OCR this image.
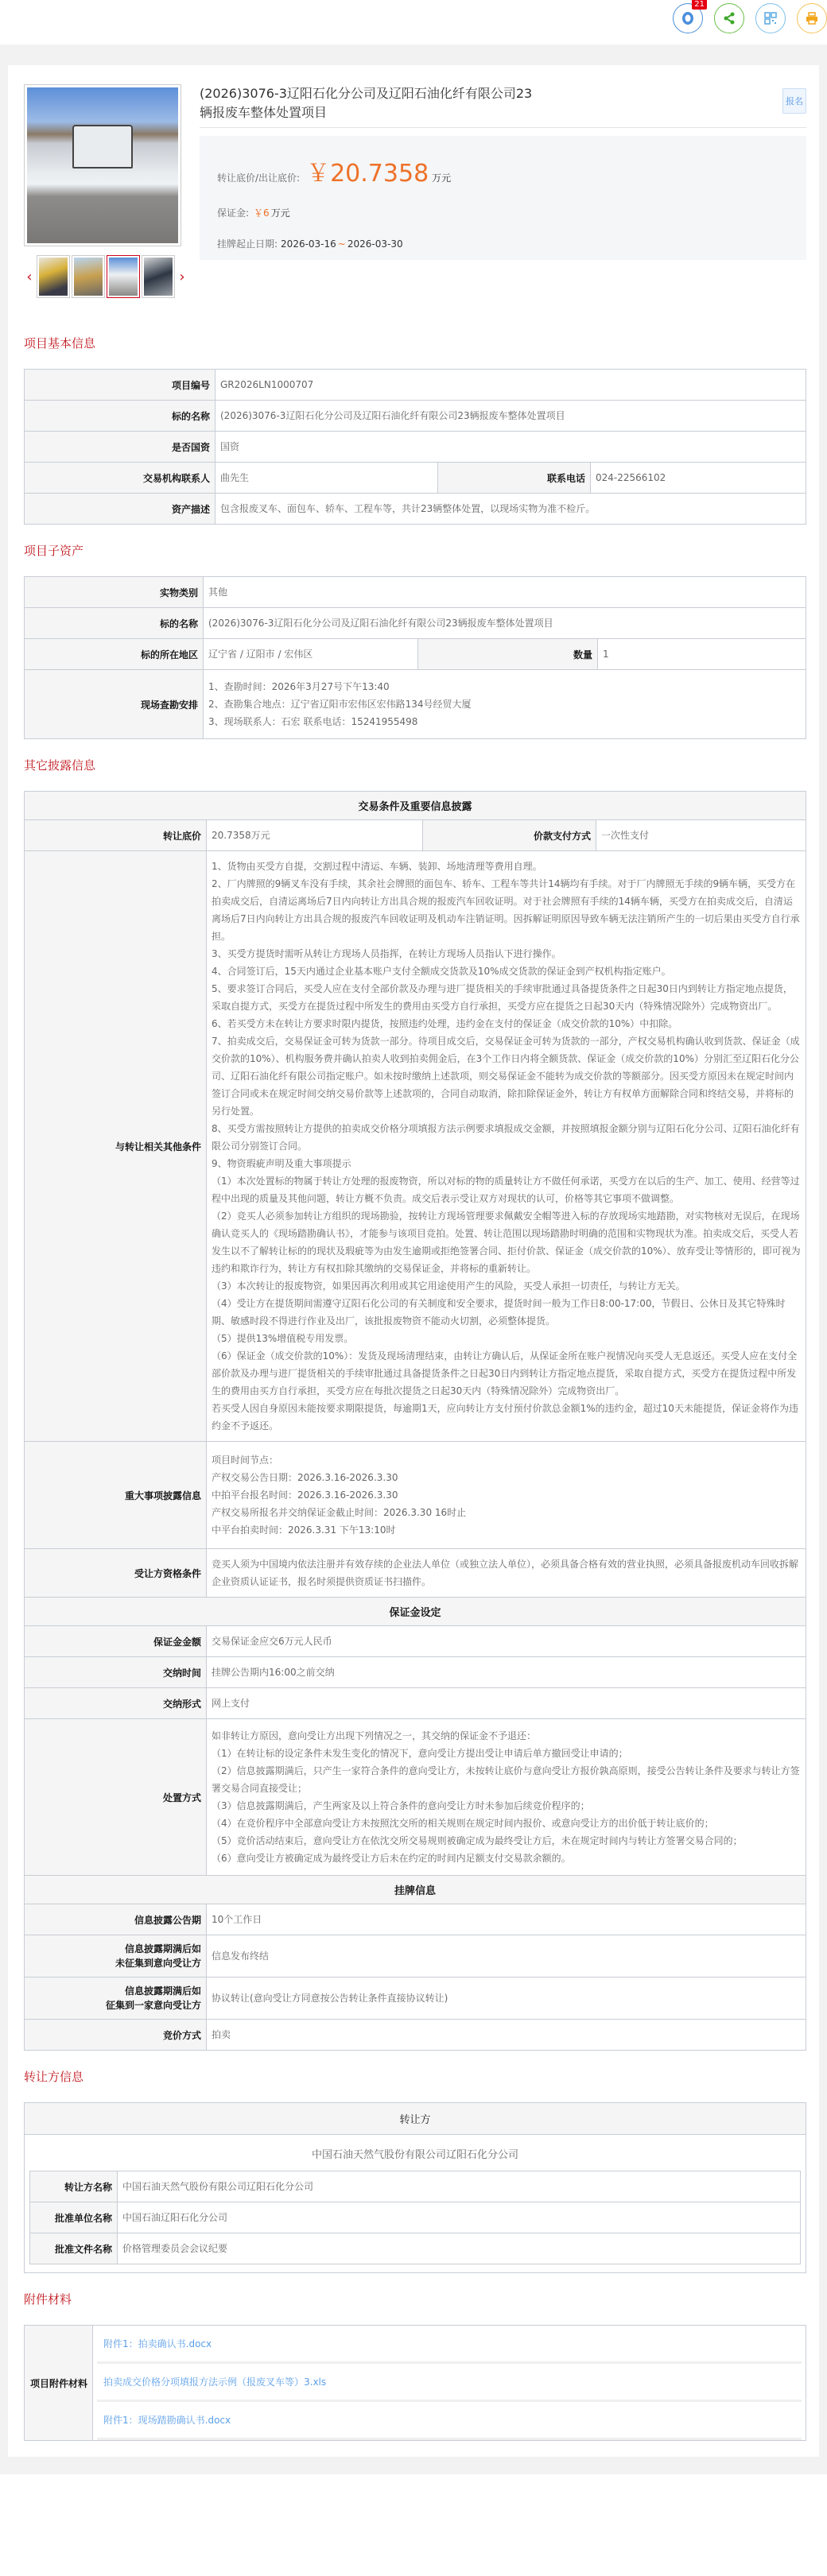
21
‹	›
(2026)3076-3辽阳石化分公司及辽阳石油化纤有限公司23辆报废车整体处置项目
报名
转让底价/出让底价: ￥20.7358 万元
保证金: ￥6 万元
挂牌起止日期: 2026-03-16 ~ 2026-03-30
项目基本信息
项目编号	GR2026LN1000707		
标的名称	(2026)3076-3辽阳石化分公司及辽阳石油化纤有限公司23辆报废车整体处置项目		
是否国资	国资		
交易机构联系人	曲先生	联系电话	024-22566102
资产描述	包含报废叉车、面包车、轿车、工程车等，共计23辆整体处置，以现场实物为准不检斤。		
项目子资产
实物类别	其他		
标的名称	(2026)3076-3辽阳石化分公司及辽阳石油化纤有限公司23辆报废车整体处置项目		
标的所在地区	辽宁省 / 辽阳市 / 宏伟区	数量	1
现场查勘安排	1、查勘时间：2026年3月27号下午13:40
2、查勘集合地点：辽宁省辽阳市宏伟区宏伟路134号经贸大厦
3、现场联系人：石宏 联系电话：15241955498		
其它披露信息
交易条件及重要信息披露			
转让底价	20.7358万元	价款支付方式	一次性支付
与转让相关其他条件	1、货物由买受方自提，交割过程中清运、车辆、装卸、场地清理等费用自理。
2、厂内牌照的9辆叉车没有手续，其余社会牌照的面包车、轿车、工程车等共计14辆均有手续。对于厂内牌照无手续的9辆车辆，买受方在拍卖成交后，自清运离场后7日内向转让方出具合规的报废汽车回收证明。对于社会牌照有手续的14辆车辆，买受方在拍卖成交后，自清运离场后7日内向转让方出具合规的报废汽车回收证明及机动车注销证明。因拆解证明原因导致车辆无法注销所产生的一切后果由买受方自行承担。
3、买受方提货时需听从转让方现场人员指挥，在转让方现场人员指认下进行操作。
4、合同签订后，15天内通过企业基本账户支付全额成交货款及10%成交货款的保证金到产权机构指定账户。
5、要求签订合同后，买受人应在支付全部价款及办理与进厂提货相关的手续审批通过具备提货条件之日起30日内到转让方指定地点提货，采取自提方式，买受方在提货过程中所发生的费用由买受方自行承担，买受方应在提货之日起30天内（特殊情况除外）完成物资出厂。
6、若买受方未在转让方要求时限内提货，按照违约处理，违约金在支付的保证金（成交价款的10%）中扣除。
7、拍卖成交后，交易保证金可转为货款一部分。待项目成交后，交易保证金可转为货款的一部分，产权交易机构确认收到货款、保证金（成交价款的10%）、机构服务费并确认拍卖人收到拍卖佣金后，在3个工作日内将全额货款、保证金（成交价款的10%）分别汇至辽阳石化分公司、辽阳石油化纤有限公司指定账户。如未按时缴纳上述款项，则交易保证金不能转为成交价款的等额部分。因买受方原因未在规定时间内签订合同或未在规定时间交纳交易价款等上述款项的，合同自动取消，除扣除保证金外，转让方有权单方面解除合同和终结交易，并将标的另行处置。
8、买受方需按照转让方提供的拍卖成交价格分项填报方法示例要求填报成交金额，并按照填报金额分别与辽阳石化分公司、辽阳石油化纤有限公司分别签订合同。
9、物资瑕疵声明及重大事项提示
（1）本次处置标的物属于转让方处理的报废物资，所以对标的物的质量转让方不做任何承诺，买受方在以后的生产、加工、使用、经营等过程中出现的质量及其他问题，转让方概不负责。成交后表示受让双方对现状的认可，价格等其它事项不做调整。
（2）竞买人必须参加转让方组织的现场勘验，按转让方现场管理要求佩戴安全帽等进入标的存放现场实地踏勘，对实物核对无误后，在现场确认竞买人的《现场踏勘确认书》，才能参与该项目竞拍。处置、转让范围以现场踏勘时明确的范围和实物现状为准。拍卖成交后，买受人若发生以不了解转让标的的现状及瑕疵等为由发生逾期或拒绝签署合同、拒付价款、保证金（成交价款的10%）、放弃受让等情形的，即可视为违约和欺诈行为，转让方有权扣除其缴纳的交易保证金，并将标的重新转让。
（3）本次转让的报废物资，如果因再次利用或其它用途使用产生的风险，买受人承担一切责任，与转让方无关。
（4）受让方在提货期间需遵守辽阳石化公司的有关制度和安全要求，提货时间一般为工作日8:00-17:00，节假日、公休日及其它特殊时期、敏感时段不得进行作业及出厂，该批报废物资不能动火切割，必须整体提货。
（5）提供13%增值税专用发票。
（6）保证金（成交价款的10%）：发货及现场清理结束，由转让方确认后，从保证金所在账户视情况向买受人无息返还。买受人应在支付全部价款及办理与进厂提货相关的手续审批通过具备提货条件之日起30日内到转让方指定地点提货，采取自提方式，买受方在提货过程中所发生的费用由买方自行承担，买受方应在每批次提货之日起30天内（特殊情况除外）完成物资出厂。
若买受人因自身原因未能按要求期限提货，每逾期1天，应向转让方支付预付价款总金额1%的违约金，超过10天未能提货，保证金将作为违约金不予返还。
重大事项披露信息	项目时间节点：
产权交易公告日期：2026.3.16-2026.3.30
中拍平台报名时间：2026.3.16-2026.3.30
产权交易所报名并交纳保证金截止时间：2026.3.30 16时止
中平台拍卖时间：2026.3.31 下午13:10时		
受让方资格条件	竞买人须为中国境内依法注册并有效存续的企业法人单位（或独立法人单位），必须具备合格有效的营业执照，必须具备报废机动车回收拆解企业资质认证证书，报名时须提供资质证书扫描件。		
保证金设定			
保证金金额	交易保证金应交6万元人民币		
交纳时间	挂牌公告期内16:00之前交纳		
交纳形式	网上支付		
处置方式	如非转让方原因，意向受让方出现下列情况之一，其交纳的保证金不予退还：
（1）在转让标的设定条件未发生变化的情况下，意向受让方提出受让申请后单方撤回受让申请的；
（2）信息披露期满后，只产生一家符合条件的意向受让方，未按转让底价与意向受让方报价孰高原则，接受公告转让条件及要求与转让方签署交易合同直接受让；
（3）信息披露期满后，产生两家及以上符合条件的意向受让方时未参加后续竞价程序的；
（4）在竞价程序中全部意向受让方未按照沈交所的相关规则在规定时间内报价、或意向受让方的出价低于转让底价的；
（5）竞价活动结束后，意向受让方在依沈交所交易规则被确定成为最终受让方后，未在规定时间内与转让方签署交易合同的；
（6）意向受让方被确定成为最终受让方后未在约定的时间内足额支付交易款余额的。
挂牌信息			
信息披露公告期	10个工作日		
信息披露期满后如
未征集到意向受让方	信息发布终结		
信息披露期满后如
征集到一家意向受让方	协议转让(意向受让方同意按公告转让条件直接协议转让)		
竞价方式	拍卖		
转让方信息
转让方
中国石油天然气股份有限公司辽阳石化分公司
转让方名称	中国石油天然气股份有限公司辽阳石化分公司
批准单位名称	中国石油辽阳石化分公司
批准文件名称	价格管理委员会会议纪要
附件材料
项目附件材料	
附件1：拍卖确认书.docx
拍卖成交价格分项填报方法示例（报废叉车等）3.xls
附件1：现场踏勘确认书.docx
